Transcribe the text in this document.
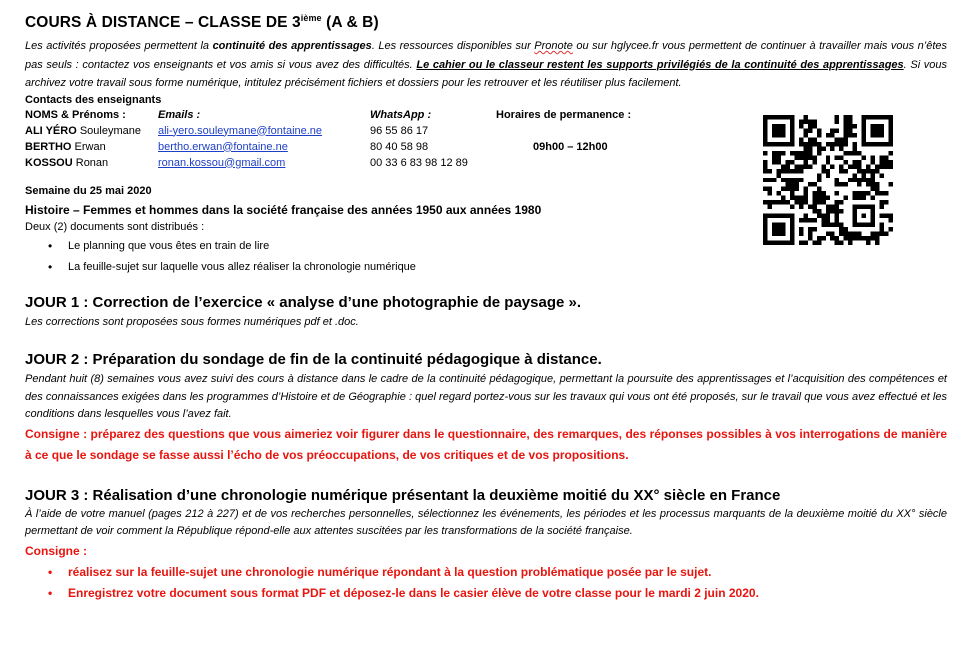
COURS À DISTANCE – CLASSE DE 3ième (A & B)

Les activités proposées permettent la continuité des apprentissages. Les ressources disponibles sur Pronote ou sur hglycee.fr vous permettent de continuer à travailler mais vous n’êtes pas seuls : contactez vos enseignants et vos amis si vous avez des difficultés. Le cahier ou le classeur restent les supports privilégiés de la continuité des apprentissages. Si vous archivez votre travail sous forme numérique, intitulez précisément fichiers et dossiers pour les retrouver et les réutiliser plus facilement.

Contacts des enseignants
NOMS & Prénoms :	Emails :	WhatsApp :	Horaires de permanence :
ALI YÉRO Souleymane	ali-yero.souleymane@fontaine.ne	96 55 86 17	
BERTHO Erwan	bertho.erwan@fontaine.ne	80 40 58 98	09h00 – 12h00
KOSSOU Ronan	ronan.kossou@gmail.com	00 33 6 83 98 12 89	
Semaine du 25 mai 2020
Histoire – Femmes et hommes dans la société française des années 1950 aux années 1980
Deux (2) documents sont distribués :
• Le planning que vous êtes en train de lire
• La feuille-sujet sur laquelle vous allez réaliser la chronologie numérique
JOUR 1 : Correction de l’exercice « analyse d’une photographie de paysage ».
Les corrections sont proposées sous formes numériques pdf et .doc.
JOUR 2 : Préparation du sondage de fin de la continuité pédagogique à distance.
Pendant huit (8) semaines vous avez suivi des cours à distance dans le cadre de la continuité pédagogique, permettant la poursuite des apprentissages et l’acquisition des compétences et des connaissances exigées dans les programmes d’Histoire et de Géographie : quel regard portez-vous sur les travaux qui vous ont été proposés, sur le travail que vous avez effectué et les conditions dans lesquelles vous l’avez fait.
Consigne : préparez des questions que vous aimeriez voir figurer dans le questionnaire, des remarques, des réponses possibles à vos interrogations de manière à ce que le sondage se fasse aussi l’écho de vos préoccupations, de vos critiques et de vos propositions.
JOUR 3 : Réalisation d’une chronologie numérique présentant la deuxième moitié du XX° siècle en France
À l’aide de votre manuel (pages 212 à 227) et de vos recherches personnelles, sélectionnez les événements, les périodes et les processus marquants de la deuxième moitié du XX° siècle permettant de voir comment la République répond-elle aux attentes suscitées par les transformations de la société française.
Consigne :
• réalisez sur la feuille-sujet une chronologie numérique répondant à la question problématique posée par le sujet.
• Enregistrez votre document sous format PDF et déposez-le dans le casier élève de votre classe pour le mardi 2 juin 2020.
